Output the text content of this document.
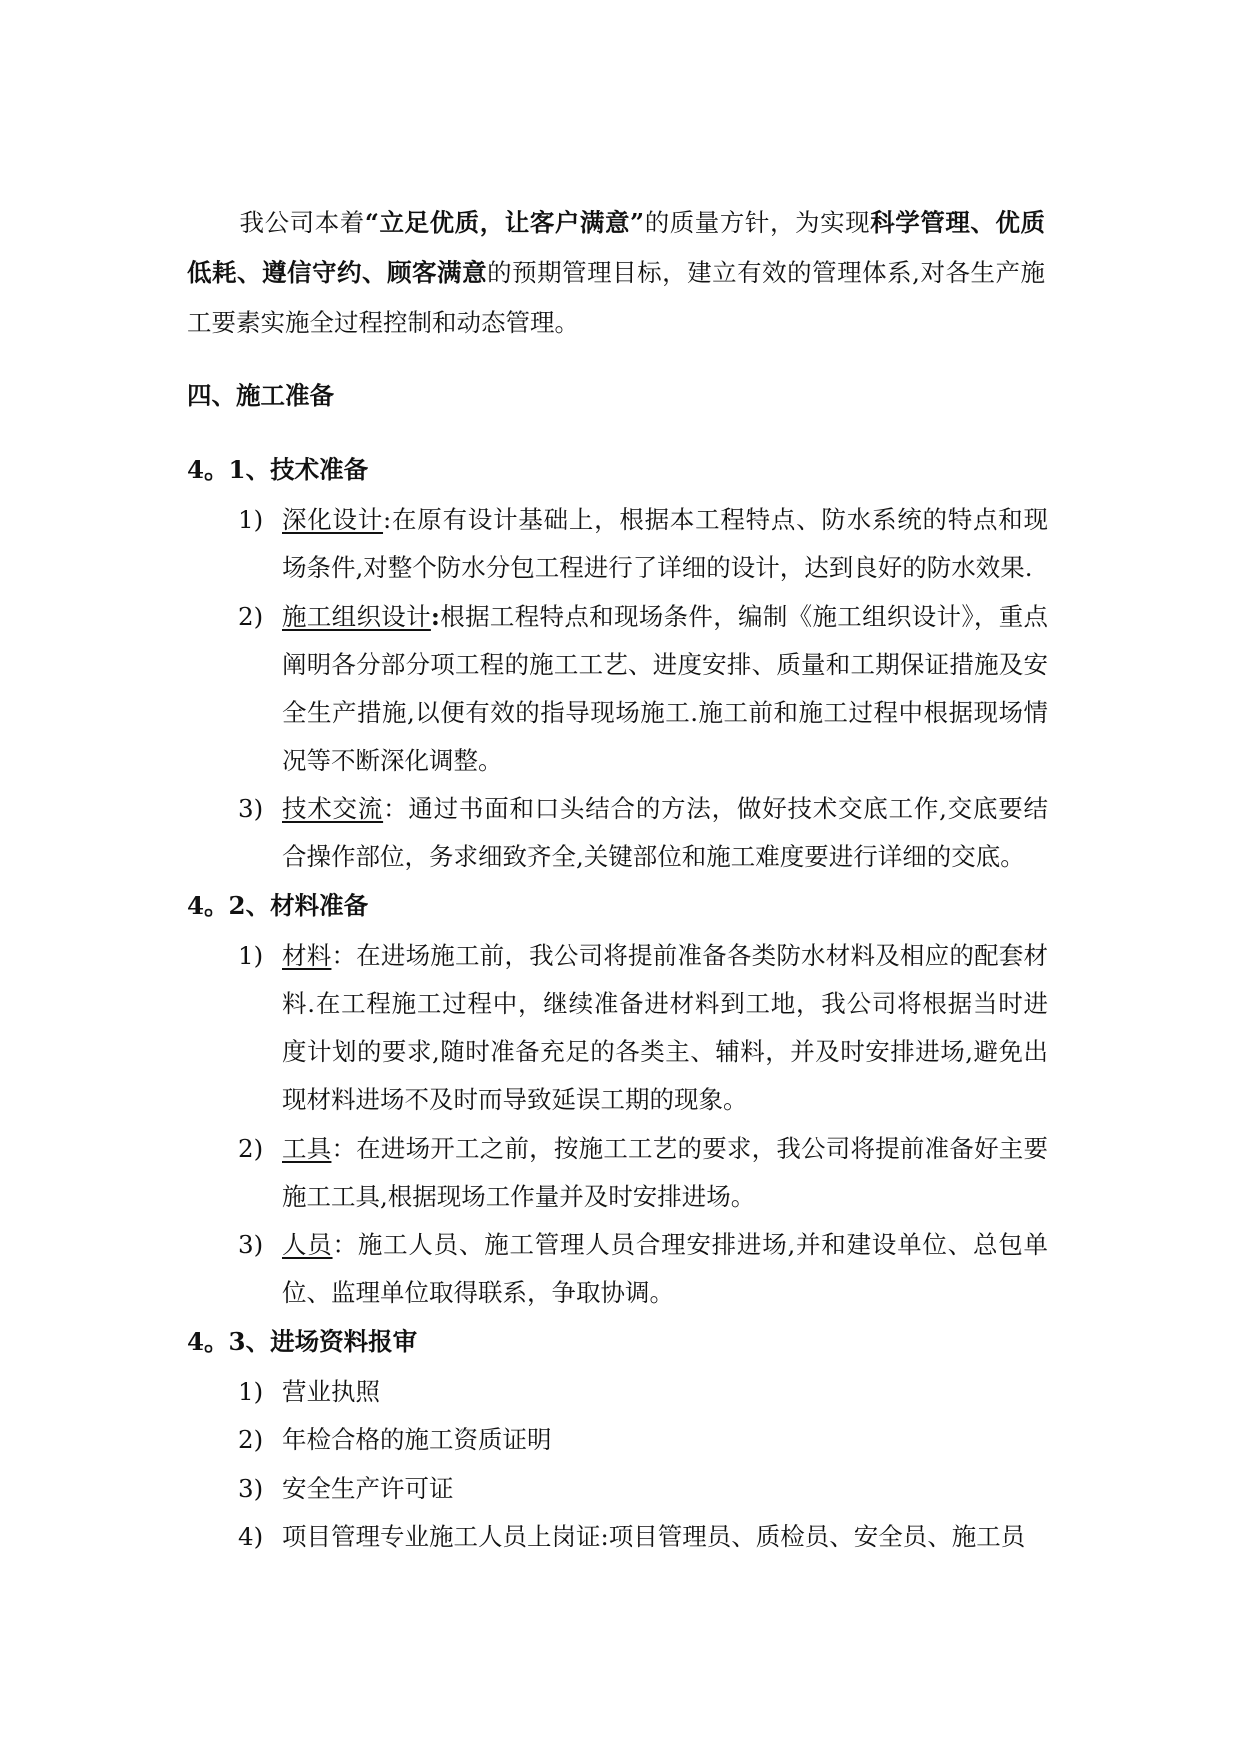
我公司本着“立足优质，让客户满意”的质量方针，为实现科学管理、优质低耗、遵信守约、顾客满意的预期管理目标，建立有效的管理体系,对各生产施工要素实施全过程控制和动态管理。
四、施工准备
4。1、技术准备
1) 深化设计:在原有设计基础上，根据本工程特点、防水系统的特点和现场条件,对整个防水分包工程进行了详细的设计，达到良好的防水效果.
2) 施工组织设计:根据工程特点和现场条件，编制《施工组织设计》，重点阐明各分部分项工程的施工工艺、进度安排、质量和工期保证措施及安全生产措施,以便有效的指导现场施工.施工前和施工过程中根据现场情况等不断深化调整。
3) 技术交流：通过书面和口头结合的方法，做好技术交底工作,交底要结合操作部位，务求细致齐全,关键部位和施工难度要进行详细的交底。
4。2、材料准备
1) 材料：在进场施工前，我公司将提前准备各类防水材料及相应的配套材料.在工程施工过程中，继续准备进材料到工地，我公司将根据当时进度计划的要求,随时准备充足的各类主、辅料，并及时安排进场,避免出现材料进场不及时而导致延误工期的现象。
2) 工具：在进场开工之前，按施工工艺的要求，我公司将提前准备好主要施工工具,根据现场工作量并及时安排进场。
3) 人员：施工人员、施工管理人员合理安排进场,并和建设单位、总包单位、监理单位取得联系，争取协调。
4。3、进场资料报审
1) 营业执照
2) 年检合格的施工资质证明
3) 安全生产许可证
4) 项目管理专业施工人员上岗证:项目管理员、质检员、安全员、施工员
